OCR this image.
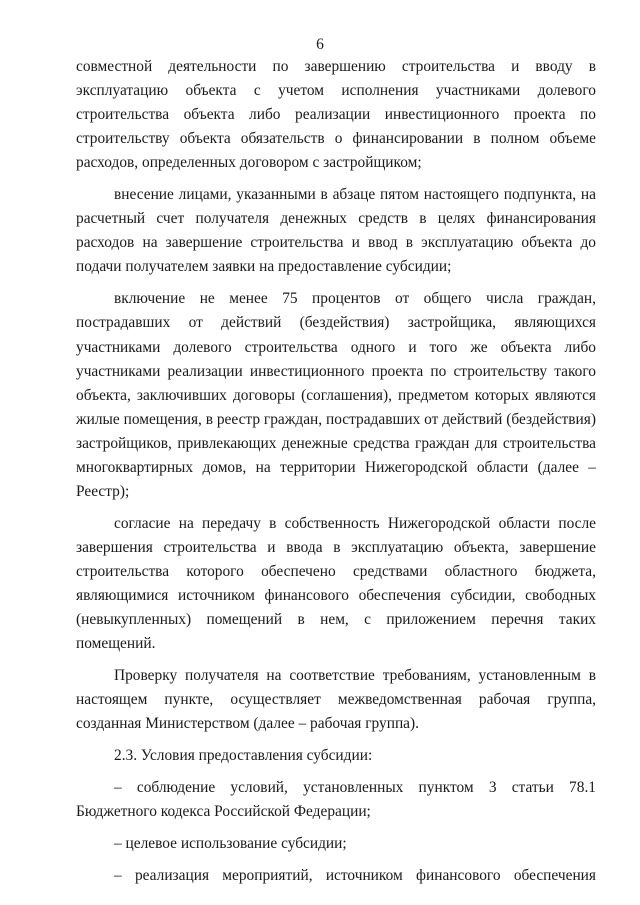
6

совместной деятельности по завершению строительства и вводу в эксплуатацию объекта с учетом исполнения участниками долевого строительства объекта либо реализации инвестиционного проекта по строительству объекта обязательств о финансировании в полном объеме расходов, определенных договором с застройщиком;

внесение лицами, указанными в абзаце пятом настоящего подпункта, на расчетный счет получателя денежных средств в целях финансирования расходов на завершение строительства и ввод в эксплуатацию объекта до подачи получателем заявки на предоставление субсидии;

включение не менее 75 процентов от общего числа граждан, пострадавших от действий (бездействия) застройщика, являющихся участниками долевого строительства одного и того же объекта либо участниками реализации инвестиционного проекта по строительству такого объекта, заключивших договоры (соглашения), предметом которых являются жилые помещения, в реестр граждан, пострадавших от действий (бездействия) застройщиков, привлекающих денежные средства граждан для строительства многоквартирных домов, на территории Нижегородской области (далее – Реестр);

согласие на передачу в собственность Нижегородской области после завершения строительства и ввода в эксплуатацию объекта, завершение строительства которого обеспечено средствами областного бюджета, являющимися источником финансового обеспечения субсидии, свободных (невыкупленных) помещений в нем, с приложением перечня таких помещений.

Проверку получателя на соответствие требованиям, установленным в настоящем пункте, осуществляет межведомственная рабочая группа, созданная Министерством (далее – рабочая группа).

2.3. Условия предоставления субсидии:

– соблюдение условий, установленных пунктом 3 статьи 78.1 Бюджетного кодекса Российской Федерации;

– целевое использование субсидии;

– реализация мероприятий, источником финансового обеспечения
